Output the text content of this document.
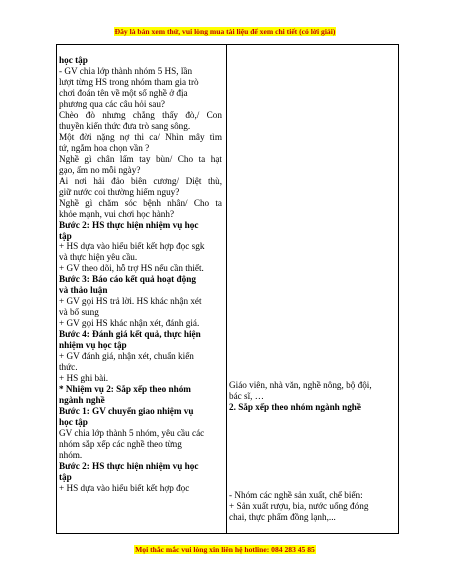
Đây là bản xem thử, vui lòng mua tài liệu để xem chi tiết (có lời giải)
học tập
- GV chia lớp thành nhóm 5 HS, lần
lượt từng HS trong nhóm tham gia trò
chơi đoán tên về một số nghề ở địa
phương qua các câu hỏi sau?
Chèo đò nhưng chẳng thấy đò,/ Con
thuyền kiến thức đưa trò sang sông.
Một đời nặng nợ thi ca/ Nhìn mây tìm
tứ, ngắm hoa chọn vần ?
Nghề gì chân lấm tay bùn/ Cho ta hạt
gạo, ấm no mỗi ngày?
Ai nơi hải đảo biên cương/ Diệt thù,
giữ nước coi thường hiểm nguy?
Nghề gì chăm sóc bệnh nhân/ Cho ta
khỏe mạnh, vui chơi học hành?
Bước 2: HS thực hiện nhiệm vụ học
tập
+ HS dựa vào hiểu biết kết hợp đọc sgk
và thực hiện yêu cầu.
+ GV theo dõi, hỗ trợ HS nếu cần thiết.
Bước 3: Báo cáo kết quả hoạt động
và thảo luận
+ GV gọi HS trả lời. HS khác nhận xét
và bổ sung
+ GV gọi HS khác nhận xét, đánh giá.
Bước 4: Đánh giá kết quả, thực hiện
nhiệm vụ học tập
+ GV đánh giá, nhận xét, chuẩn kiến
thức.
+ HS ghi bài.
* Nhiệm vụ 2: Sắp xếp theo nhóm
ngành nghề
Bước 1: GV chuyển giao nhiệm vụ
học tập
GV chia lớp thành 5 nhóm, yêu cầu các
nhóm sắp xếp các nghề theo từng
nhóm.
Bước 2: HS thực hiện nhiệm vụ học
tập
+ HS dựa vào hiểu biết kết hợp đọc
Giáo viên, nhà văn, nghề nông, bộ đội,
bác sĩ, …
2. Sắp xếp theo nhóm ngành nghề
- Nhóm các nghề sản xuất, chế biến:
+ Sản xuất rượu, bia, nước uống đóng
chai, thực phẩm đồng lạnh,...
Mọi thắc mắc vui lòng xin liên hệ hotline: 084 283 45 85
